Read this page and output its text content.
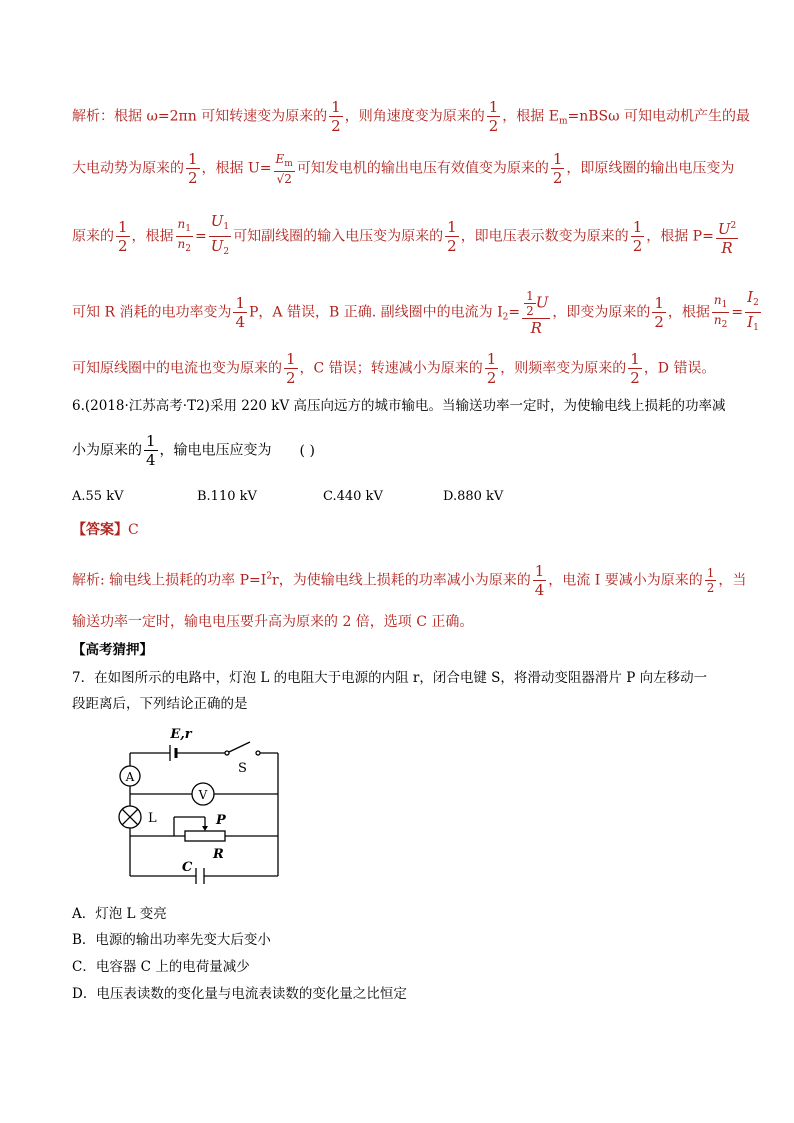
解析：根据 ω=2πn 可知转速变为原来的 $\frac{1}{2}$ ，则角速度变为原来的 $\frac{1}{2}$ ，根据 $E_m=nBS\omega$ 可知电动机产生的最
大电动势为原来的 $\frac{1}{2}$ ，根据 $U= \frac{E_m}{√2}$ 可知发电机的输出电压有效值变为原来的 $\frac{1}{2}$ ，即原线圈的输出电压变为
原来的 $\frac{1}{2}$ ，根据 $\frac{n_1}{n_2} = \frac{U_1}{U_2}$ 可知副线圈的输入电压变为原来的 $\frac{1}{2}$ ，即电压表示数变为原来的 $\frac{1}{2}$ ，根据 $P= \frac{U^2}{R}$
可知 R 消耗的电功率变为 $\frac{1}{4}$ P，A 错误，B 正确. 副线圈中的电流为 $I_2= \frac{\frac{1}{2} U}{R}$ ，即变为原来的 $\frac{1}{2}$ ，根据 $\frac{n_1}{n_2} = \frac{I_2}{I_1}$
可知原线圈中的电流也变为原来的 $\frac{1}{2}$ ，C 错误；转速减小为原来的 $\frac{1}{2}$ ，则频率变为原来的 $\frac{1}{2}$ ，D 错误。
6.(2018·江苏高考·T2)采用 220 kV 高压向远方的城市输电。当输送功率一定时，为使输电线上损耗的功率减
小为原来的 $\frac{1}{4}$ ，输电电压应变为 ( )
A.55 kV	B.110 kV	C.440 kV	D.880 kV
【答案】C
解析: 输电线上损耗的功率 $P=I^2r$，为使输电线上损耗的功率减小为原来的 $\frac{1}{4}$ ，电流 I 要减小为原来的 $\frac{1}{2}$ ，当
输送功率一定时，输电电压要升高为原来的 2 倍，选项 C 正确。
【高考猜押】
7．在如图所示的电路中，灯泡 L 的电阻大于电源的内阻 r，闭合电键 S，将滑动变阻器滑片 P 向左移动一
段距离后，下列结论正确的是
A
V
E,r
S
L	P
R
C
A．灯泡 L 变亮
B．电源的输出功率先变大后变小
C．电容器 C 上的电荷量减少
D．电压表读数的变化量与电流表读数的变化量之比恒定
